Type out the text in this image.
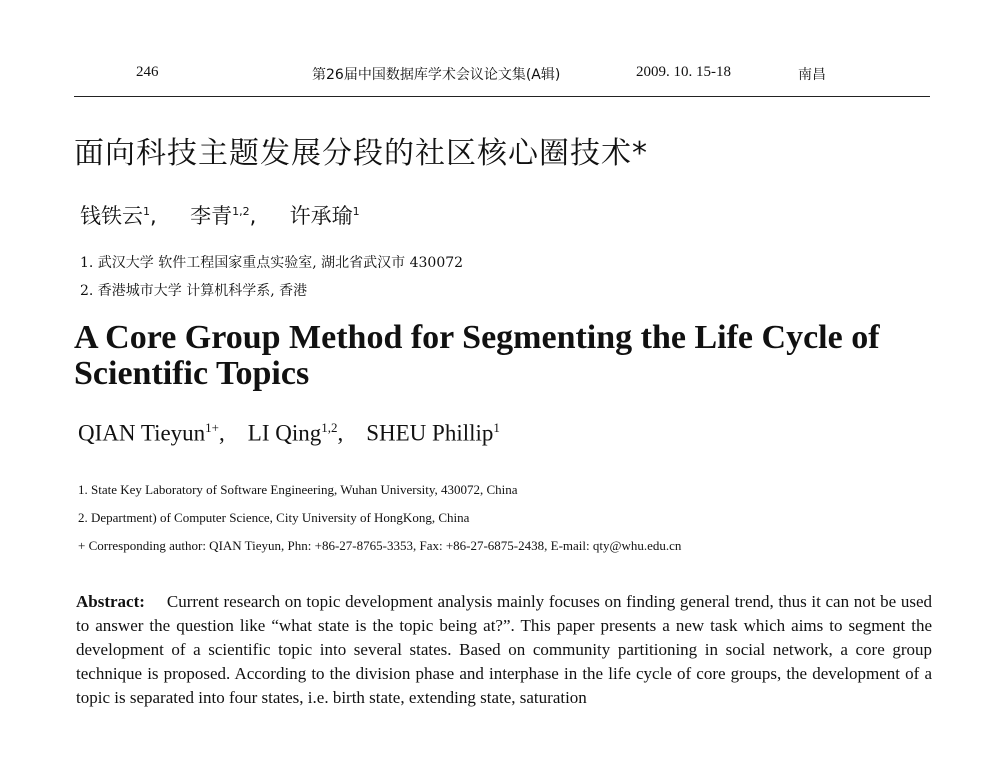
246	第26届中国数据库学术会议论文集(A辑)	2009. 10. 15-18	南昌
面向科技主题发展分段的社区核心圈技术*
钱铁云$^1$,     李青$^{1,2}$,     许承瑜$^1$
1. 武汉大学 软件工程国家重点实验室, 湖北省武汉市 430072
2. 香港城市大学 计算机科学系, 香港
A Core Group Method for Segmenting the Life Cycle of Scientific Topics
QIAN Tieyun$^{1+}$,    LI Qing$^{1,2}$,    SHEU Phillip$^1$
1. State Key Laboratory of Software Engineering, Wuhan University, 430072, China
2. Department) of Computer Science, City University of HongKong, China
+ Corresponding author: QIAN Tieyun, Phn: +86-27-8765-3353, Fax: +86-27-6875-2438, E-mail: qty@whu.edu.cn
Abstract: Current research on topic development analysis mainly focuses on finding general trend, thus it can not be used to answer the question like “what state is the topic being at?”. This paper presents a new task which aims to segment the development of a scientific topic into several states. Based on community partitioning in social network, a core group technique is proposed. According to the division phase and interphase in the life cycle of core groups, the development of a topic is separated into four states, i.e. birth state, extending state, saturation
